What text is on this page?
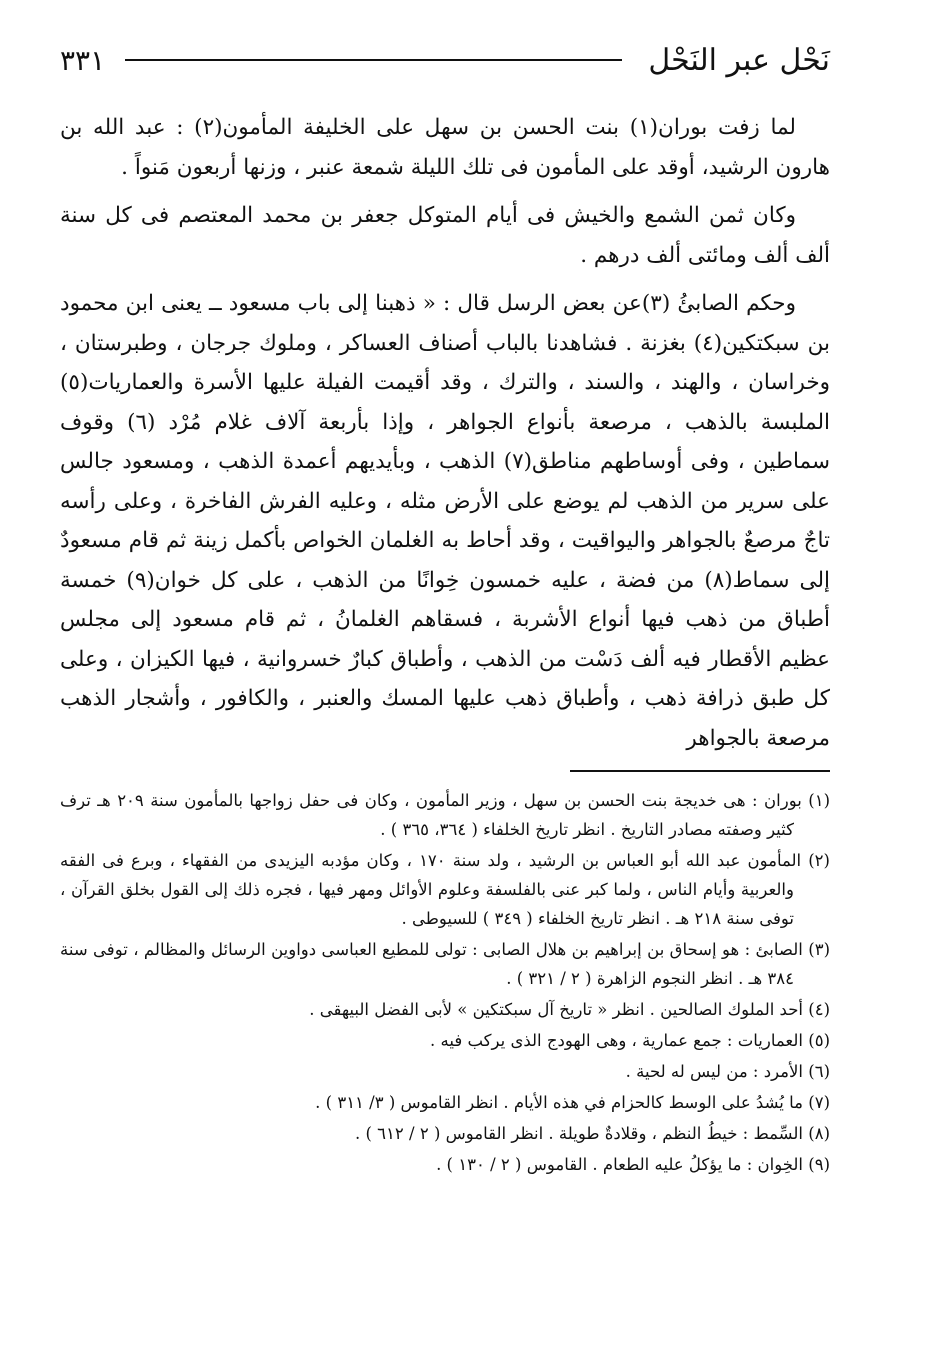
نَحْل عبر النَحْل
٣٣١

لما زفت بوران(١) بنت الحسن بن سهل على الخليفة المأمون(٢) : عبد الله بن هارون الرشيد، أوقد على المأمون فى تلك الليلة شمعة عنبر ، وزنها أربعون مَنواً .

وكان ثمن الشمع والخيش فى أيام المتوكل جعفر بن محمد المعتصم فى كل سنة ألف ألف ومائتى ألف درهم .

وحكم الصابئُ (٣)عن بعض الرسل قال : « ذهبنا إلى باب مسعود ــ يعنى ابن محمود بن سبكتكين(٤) بغزنة . فشاهدنا بالباب أصناف العساكر ، وملوك جرجان ، وطبرستان ، وخراسان ، والهند ، والسند ، والترك ، وقد أقيمت الفيلة عليها الأسرة والعماريات(٥) الملبسة بالذهب ، مرصعة بأنواع الجواهر ، وإذا بأربعة آلاف غلام مُرْد (٦) وقوف سماطين ، وفى أوساطهم مناطق(٧) الذهب ، وبأيديهم أعمدة الذهب ، ومسعود جالس على سرير من الذهب لم يوضع على الأرض مثله ، وعليه الفرش الفاخرة ، وعلى رأسه تاجٌ مرصعٌ بالجواهر واليواقيت ، وقد أحاط به الغلمان الخواص بأكمل زينة ثم قام مسعودٌ إلى سماط(٨) من فضة ، عليه خمسون خِوانًا من الذهب ، على كل خوان(٩) خمسة أطباق من ذهب فيها أنواع الأشربة ، فسقاهم الغلمانُ ، ثم قام مسعود إلى مجلس عظيم الأقطار فيه ألف دَسْت من الذهب ، وأطباق كبارٌ خسروانية ، فيها الكيزان ، وعلى كل طبق ذرافة ذهب ، وأطباق ذهب عليها المسك والعنبر ، والكافور ، وأشجار الذهب مرصعة بالجواهر

(١) بوران : هى خديجة بنت الحسن بن سهل ، وزير المأمون ، وكان فى حفل زواجها بالمأمون سنة ٢٠٩ هـ ترف كثير وصفته مصادر التاريخ . انظر تاريخ الخلفاء ( ٣٦٤، ٣٦٥ ) .

(٢) المأمون عبد الله أبو العباس بن الرشيد ، ولد سنة ١٧٠ ، وكان مؤدبه اليزيدى من الفقهاء ، وبرع فى الفقه والعربية وأيام الناس ، ولما كبر عنى بالفلسفة وعلوم الأوائل ومهر فيها ، فجره ذلك إلى القول بخلق القرآن ، توفى سنة ٢١٨ هـ . انظر تاريخ الخلفاء ( ٣٤٩ ) للسيوطى .

(٣) الصابئ : هو إسحاق بن إبراهيم بن هلال الصابى : تولى للمطيع العباسى دواوين الرسائل والمظالم ، توفى سنة ٣٨٤ هـ . انظر النجوم الزاهرة ( ٢ / ٣٢١ ) .

(٤) أحد الملوك الصالحين . انظر « تاريخ آل سبكتكين » لأبى الفضل البيهقى .

(٥) العماريات : جمع عمارية ، وهى الهودج الذى يركب فيه .

(٦) الأمرد : من ليس له لحية .

(٧) ما يُشدُ على الوسط كالحزام في هذه الأيام . انظر القاموس ( ٣/ ٣١١ ) .

(٨) السِّمط : خيطُ النظم ، وقلادةٌ طويلة . انظر القاموس ( ٢ / ٦١٢ ) .

(٩) الخِوان : ما يؤكلُ عليه الطعام . القاموس ( ٢ / ١٣٠ ) .
